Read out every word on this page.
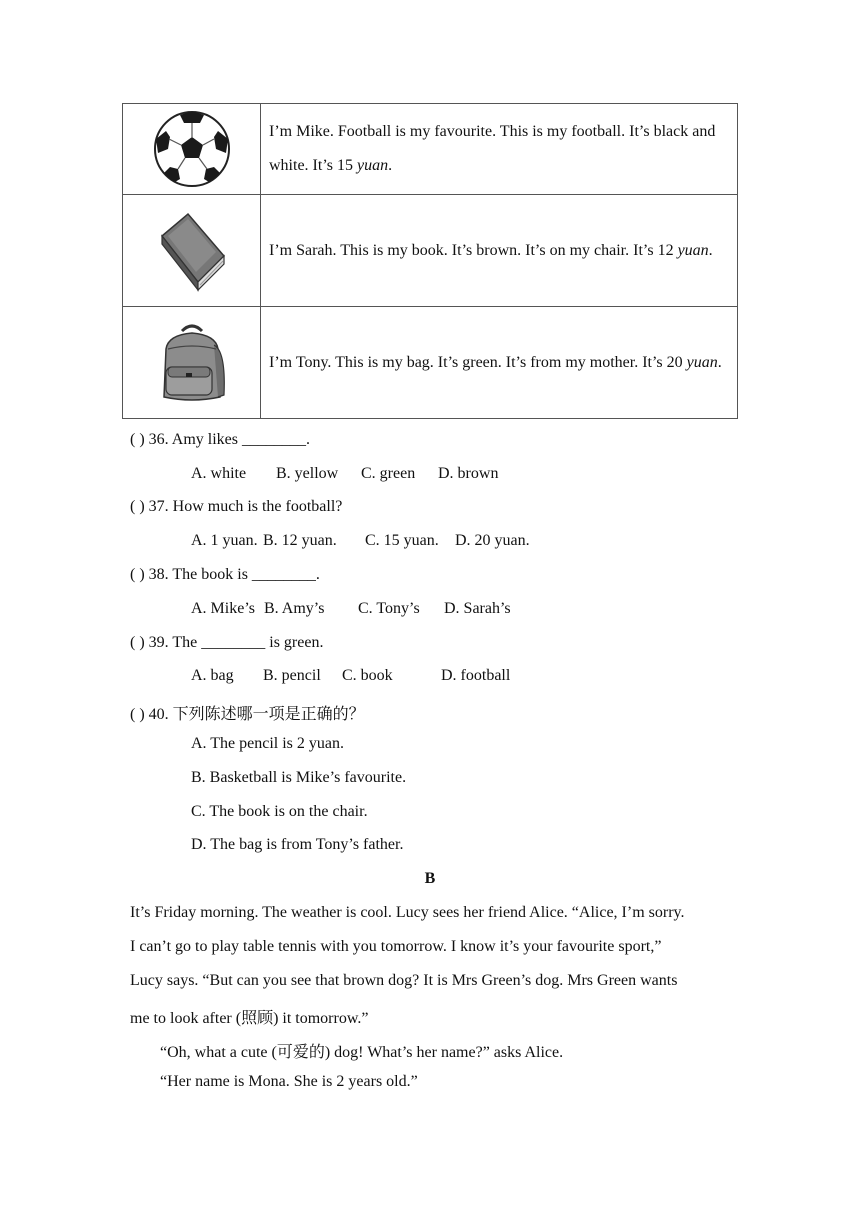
	I’m Mike. Football is my favourite. This is my football. It’s black and white. It’s 15 yuan.

	I’m Sarah. This is my book. It’s brown. It’s on my chair. It’s 12 yuan.

	I’m Tony. This is my bag. It’s green. It’s from my mother. It’s 20 yuan.
( ) 36. Amy likes ________.
A. white B. yellow C. green D. brown
( ) 37. How much is the football?
A. 1 yuan. B. 12 yuan. C. 15 yuan. D. 20 yuan.
( ) 38. The book is ________.
A. Mike’s B. Amy’s C. Tony’s D. Sarah’s
( ) 39. The ________ is green.
A. bag B. pencil C. book	D. football
( ) 40. 下列陈述哪一项是正确的？
A. The pencil is 2 yuan.
B. Basketball is Mike’s favourite.
C. The book is on the chair.
D. The bag is from Tony’s father.
B
It’s Friday morning. The weather is cool. Lucy sees her friend Alice. “Alice, I’m sorry.
I can’t go to play table tennis with you tomorrow. I know it’s your favourite sport,”
Lucy says. “But can you see that brown dog? It is Mrs Green’s dog. Mrs Green wants
me to look after (照顾) it tomorrow.”
“Oh, what a cute (可爱的) dog! What’s her name?” asks Alice.
“Her name is Mona. She is 2 years old.”
